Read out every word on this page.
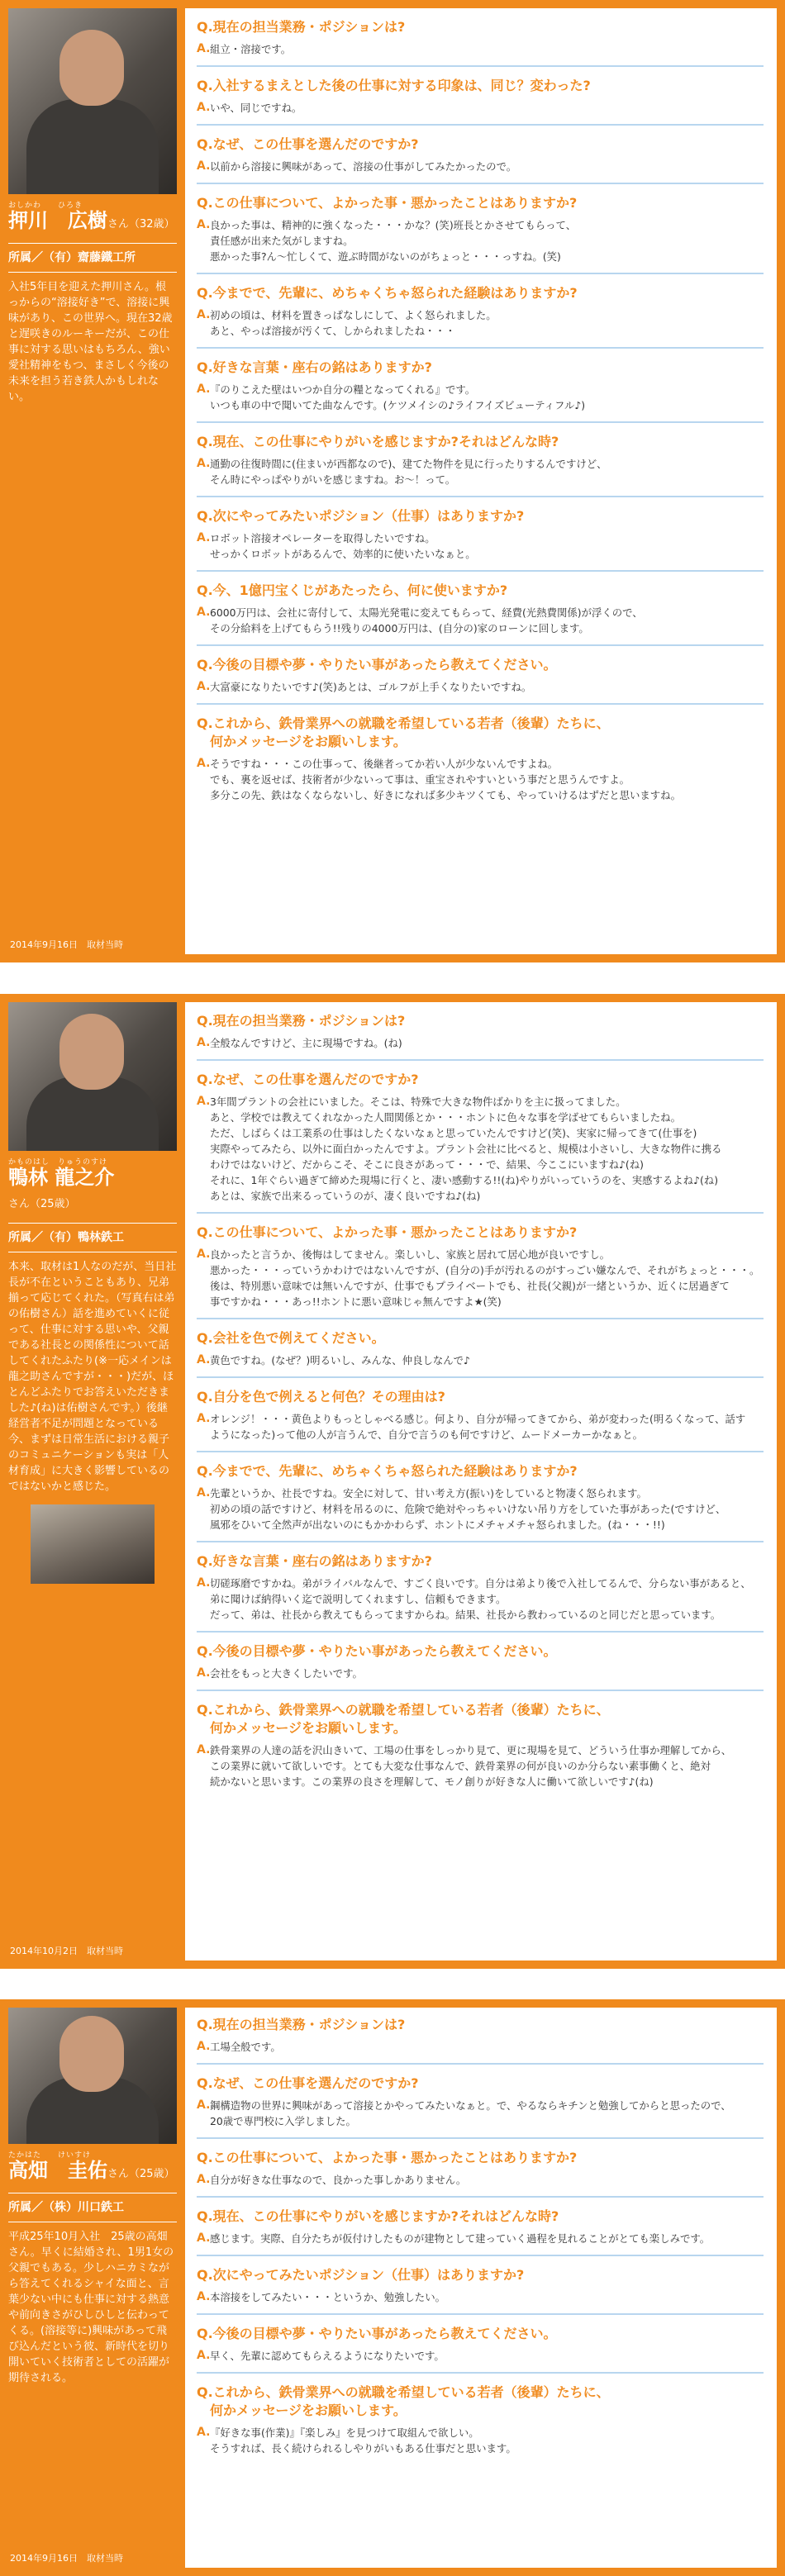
おしかわ　　ひろき
押川　広樹さん（32歳）
所属／（有）齋藤鐵工所
入社5年目を迎えた押川さん。根っからの“溶接好き”で、溶接に興味があり、この世界へ。現在32歳と遅咲きのルーキーだが、この仕事に対する思いはもちろん、強い愛社精神をもつ、まさしく今後の未来を担う若き鉄人かもしれない。
2014年9月16日　取材当時
Q.現在の担当業務・ポジションは?
A. 組立・溶接です。
Q.入社するまえとした後の仕事に対する印象は、同じ？変わった?
A. いや、同じですね。
Q.なぜ、この仕事を選んだのですか?
A. 以前から溶接に興味があって、溶接の仕事がしてみたかったので。
Q.この仕事について、よかった事・悪かったことはありますか?
A. 良かった事は、精神的に強くなった・・・かな？(笑)班長とかさせてもらって、
責任感が出来た気がしますね。
悪かった事?ん〜忙しくて、遊ぶ時間がないのがちょっと・・・っすね。(笑)
Q.今までで、先輩に、めちゃくちゃ怒られた経験はありますか?
A. 初めの頃は、材料を置きっぱなしにして、よく怒られました。
あと、やっぱ溶接が汚くて、しかられましたね・・・
Q.好きな言葉・座右の銘はありますか?
A. 『のりこえた壁はいつか自分の糧となってくれる』です。
いつも車の中で聞いてた曲なんです。(ケツメイシの♪ライフイズビューティフル♪)
Q.現在、この仕事にやりがいを感じますか?それはどんな時?
A. 通勤の往復時間に(住まいが西都なので)、建てた物件を見に行ったりするんですけど、
そん時にやっぱやりがいを感じますね。お〜！って。
Q.次にやってみたいポジション（仕事）はありますか?
A. ロボット溶接オペレーターを取得したいですね。
せっかくロボットがあるんで、効率的に使いたいなぁと。
Q.今、1億円宝くじがあたったら、何に使いますか?
A. 6000万円は、会社に寄付して、太陽光発電に変えてもらって、経費(光熱費関係)が浮くので、
その分給料を上げてもらう!!残りの4000万円は、(自分の)家のローンに回します。
Q.今後の目標や夢・やりたい事があったら教えてください。
A. 大富豪になりたいです♪(笑)あとは、ゴルフが上手くなりたいですね。
Q.これから、鉄骨業界への就職を希望している若者（後輩）たちに、
　何かメッセージをお願いします。
A. そうですね・・・この仕事って、後継者ってか若い人が少ないんですよね。
でも、裏を返せば、技術者が少ないって事は、重宝されやすいという事だと思うんですよ。
多分この先、鉄はなくならないし、好きになれば多少キツくても、やっていけるはずだと思いますね。
かものはし　りゅうのすけ
鴨林 龍之介さん（25歳）
所属／（有）鴨林鉄工
本来、取材は1人なのだが、当日社長が不在ということもあり、兄弟揃って応じてくれた。（写真右は弟の佑樹さん）話を進めていくに従って、仕事に対する思いや、父親である社長との関係性について話してくれたふたり(※一応メインは龍之助さんですが・・・)だが、ほとんどふたりでお答えいただきました♪(ね)は佑樹さんです。）後継経営者不足が問題となっている今、まずは日常生活における親子のコミュニケーションも実は「人材育成」に大きく影響しているのではないかと感じた。
2014年10月2日　取材当時
Q.現在の担当業務・ポジションは?
A. 全般なんですけど、主に現場ですね。(ね)
Q.なぜ、この仕事を選んだのですか?
A. 3年間プラントの会社にいました。そこは、特殊で大きな物件ばかりを主に扱ってました。
あと、学校では教えてくれなかった人間関係とか・・・ホントに色々な事を学ばせてもらいましたね。
ただ、しばらくは工業系の仕事はしたくないなぁと思っていたんですけど(笑)、実家に帰ってきて(仕事を)
実際やってみたら、以外に面白かったんですよ。プラント会社に比べると、規模は小さいし、大きな物件に携る
わけではないけど、だからこそ、そこに良さがあって・・・で、結果、今ここにいますね♪(ね)
それに、1年ぐらい過ぎて締めた現場に行くと、凄い感動する!!(ね)やりがいっていうのを、実感するよね♪(ね)
あとは、家族で出来るっていうのが、凄く良いですね♪(ね)
Q.この仕事について、よかった事・悪かったことはありますか?
A. 良かったと言うか、後悔はしてません。楽しいし、家族と居れて居心地が良いですし。
悪かった・・・っていうかわけではないんですが、(自分の)手が汚れるのがすっごい嫌なんで、それがちょっと・・・。
後は、特別悪い意味では無いんですが、仕事でもプライベートでも、社長(父親)が一緒というか、近くに居過ぎて
事ですかね・・・あっ!!ホントに悪い意味じゃ無んですよ★(笑)
Q.会社を色で例えてください。
A. 黄色ですね。(なぜ？)明るいし、みんな、仲良しなんで♪
Q.自分を色で例えると何色？その理由は?
A. オレンジ！・・・黄色よりもっとしゃべる感じ。何より、自分が帰ってきてから、弟が変わった(明るくなって、話す
ようになった)って他の人が言うんで、自分で言うのも何ですけど、ムードメーカーかなぁと。
Q.今までで、先輩に、めちゃくちゃ怒られた経験はありますか?
A. 先輩というか、社長ですね。安全に対して、甘い考え方(振い)をしていると物凄く怒られます。
初めの頃の話ですけど、材料を吊るのに、危険で絶対やっちゃいけない吊り方をしていた事があった(ですけど、
風邪をひいて全然声が出ないのにもかかわらず、ホントにメチャメチャ怒られました。(ね・・・!!)
Q.好きな言葉・座右の銘はありますか?
A. 切磋琢磨ですかね。弟がライバルなんで、すごく良いです。自分は弟より後で入社してるんで、分らない事があると、
弟に聞けば納得いく迄で説明してくれますし、信頼もできます。
だって、弟は、社長から教えてもらってますからね。結果、社長から教わっているのと同じだと思っています。
Q.今後の目標や夢・やりたい事があったら教えてください。
A. 会社をもっと大きくしたいです。
Q.これから、鉄骨業界への就職を希望している若者（後輩）たちに、
　何かメッセージをお願いします。
A. 鉄骨業界の人達の話を沢山きいて、工場の仕事をしっかり見て、更に現場を見て、どういう仕事か理解してから、
この業界に就いて欲しいです。とても大変な仕事なんで、鉄骨業界の何が良いのか分らない素事働くと、絶対
続かないと思います。この業界の良さを理解して、モノ創りが好きな人に働いて欲しいです♪(ね)
たかはた　　けいすけ
高畑　圭佑さん（25歳）
所属／（株）川口鉄工
平成25年10月入社　25歳の高畑さん。早くに結婚され、1男1女の父親でもある。少しハニカミながら答えてくれるシャイな面と、言葉少ない中にも仕事に対する熱意や前向きさがひしひしと伝わってくる。(溶接等に)興味があって飛び込んだという彼、新時代を切り開いていく技術者としての活躍が期待される。
2014年9月16日　取材当時
Q.現在の担当業務・ポジションは?
A. 工場全般です。
Q.なぜ、この仕事を選んだのですか?
A. 鋼構造物の世界に興味があって溶接とかやってみたいなぁと。で、やるならキチンと勉強してからと思ったので、
20歳で専門校に入学しました。
Q.この仕事について、よかった事・悪かったことはありますか?
A. 自分が好きな仕事なので、良かった事しかありません。
Q.現在、この仕事にやりがいを感じますか?それはどんな時?
A. 感じます。実際、自分たちが仮付けしたものが建物として建っていく過程を見れることがとても楽しみです。
Q.次にやってみたいポジション（仕事）はありますか?
A. 本溶接をしてみたい・・・というか、勉強したい。
Q.今後の目標や夢・やりたい事があったら教えてください。
A. 早く、先輩に認めてもらえるようになりたいです。
Q.これから、鉄骨業界への就職を希望している若者（後輩）たちに、
　何かメッセージをお願いします。
A. 『好きな事(作業)』『楽しみ』を見つけて取組んで欲しい。
そうすれば、長く続けられるしやりがいもある仕事だと思います。
